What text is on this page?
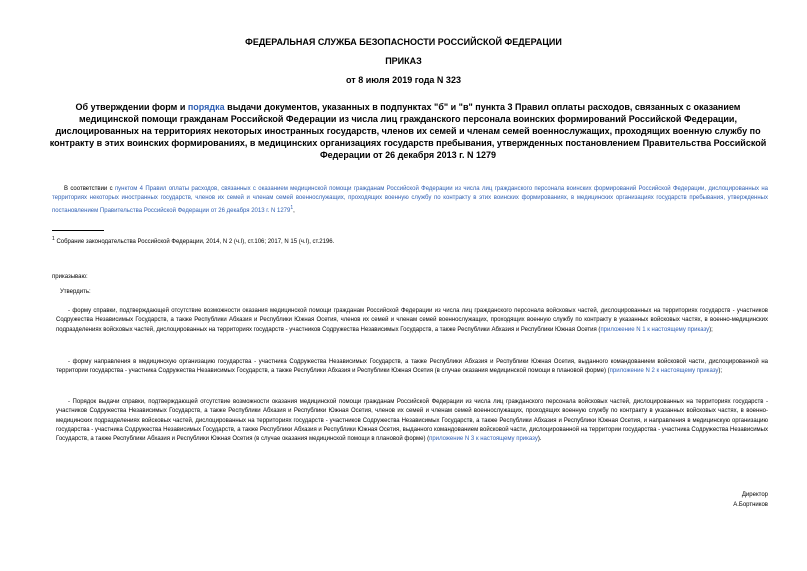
ФЕДЕРАЛЬНАЯ СЛУЖБА БЕЗОПАСНОСТИ РОССИЙСКОЙ ФЕДЕРАЦИИ
ПРИКАЗ
от 8 июля 2019 года N 323
Об утверждении форм и порядка выдачи документов, указанных в подпунктах "б" и "в" пункта 3 Правил оплаты расходов, связанных с оказанием медицинской помощи гражданам Российской Федерации из числа лиц гражданского персонала воинских формирований Российской Федерации, дислоцированных на территориях некоторых иностранных государств, членов их семей и членам семей военнослужащих, проходящих военную службу по контракту в этих воинских формированиях, в медицинских организациях государств пребывания, утвержденных постановлением Правительства Российской Федерации от 26 декабря 2013 г. N 1279
В соответствии с пунктом 4 Правил оплаты расходов, связанных с оказанием медицинской помощи гражданам Российской Федерации из числа лиц гражданского персонала воинских формирований Российской Федерации, дислоцированных на территориях некоторых иностранных государств, членов их семей и членам семей военнослужащих, проходящих военную службу по контракту в этих воинских формированиях, в медицинских организациях государств пребывания, утвержденных постановлением Правительства Российской Федерации от 26 декабря 2013 г. N 1279$^1$,
$^1$ Собрание законодательства Российской Федерации, 2014, N 2 (ч.I), ст.106; 2017, N 15 (ч.I), ст.2196.
приказываю:
Утвердить:
- форму справки, подтверждающей отсутствие возможности оказания медицинской помощи гражданам Российской Федерации из числа лиц гражданского персонала войсковых частей, дислоцированных на территориях государств - участников Содружества Независимых Государств, а также Республики Абхазия и Республики Южная Осетия, членов их семей и членам семей военнослужащих, проходящих военную службу по контракту в указанных войсковых частях, в военно-медицинских подразделениях войсковых частей, дислоцированных на территориях государств - участников Содружества Независимых Государств, а также Республики Абхазия и Республики Южная Осетия (приложение N 1 к настоящему приказу);
- форму направления в медицинскую организацию государства - участника Содружества Независимых Государств, а также Республики Абхазия и Республики Южная Осетия, выданного командованием войсковой части, дислоцированной на территории государства - участника Содружества Независимых Государств, а также Республики Абхазия и Республики Южная Осетия (в случае оказания медицинской помощи в плановой форме) (приложение N 2 к настоящему приказу);
- Порядок выдачи справки, подтверждающей отсутствие возможности оказания медицинской помощи гражданам Российской Федерации из числа лиц гражданского персонала войсковых частей, дислоцированных на территориях государств - участников Содружества Независимых Государств, а также Республики Абхазия и Республики Южная Осетия, членов их семей и членам семей военнослужащих, проходящих военную службу по контракту в указанных войсковых частях, в военно-медицинских подразделениях войсковых частей, дислоцированных на территориях государств - участников Содружества Независимых Государств, а также Республики Абхазия и Республики Южная Осетия, и направления в медицинскую организацию государства - участника Содружества Независимых Государств, а также Республики Абхазия и Республики Южная Осетия, выданного командованием войсковой части, дислоцированной на территории государства - участника Содружества Независимых Государств, а также Республики Абхазия и Республики Южная Осетия (в случае оказания медицинской помощи в плановой форме) (приложение N 3 к настоящему приказу).
Директор
А.Бортников
